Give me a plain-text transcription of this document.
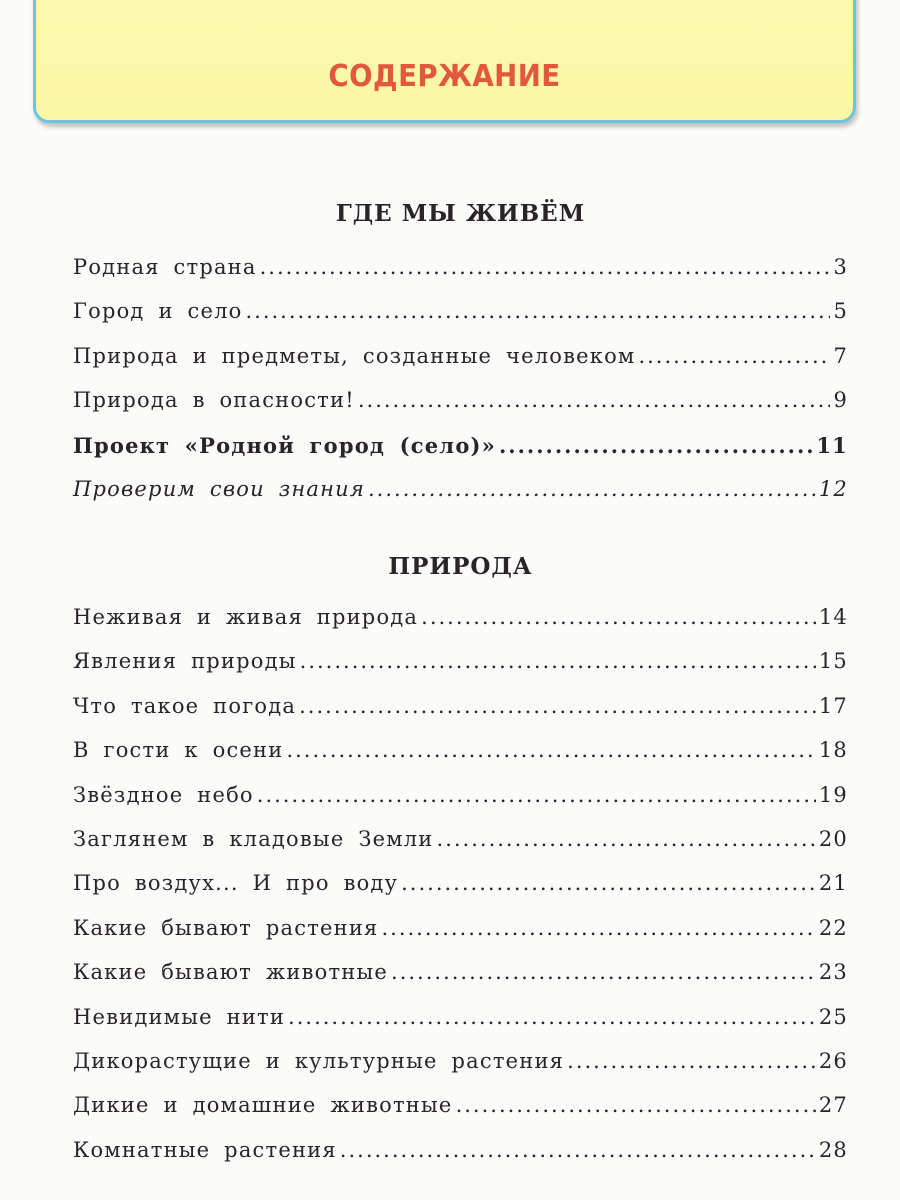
СОДЕРЖАНИЕ
ГДЕ МЫ ЖИВЁМ
Родная страна .....	3
Город и село .....	5
Природа и предметы, созданные человеком .....	7
Природа в опасности! .....	9
Проект «Родной город (село)» .....	11
Проверим свои знания .....	12
ПРИРОДА
Неживая и живая природа .....	14
Явления природы .....	15
Что такое погода .....	17
В гости к осени .....	18
Звёздное небо .....	19
Заглянем в кладовые Земли .....	20
Про воздух... И про воду .....	21
Какие бывают растения .....	22
Какие бывают животные .....	23
Невидимые нити .....	25
Дикорастущие и культурные растения .....	26
Дикие и домашние животные .....	27
Комнатные растения .....	28
